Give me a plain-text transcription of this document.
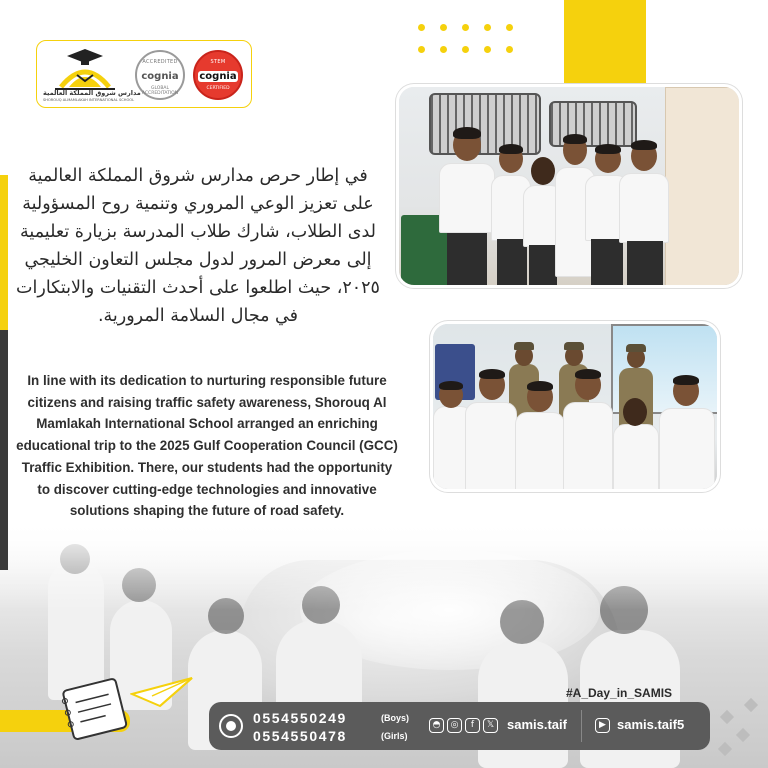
مدارس شروق المملكة العالمية
SHOROUQ ALMAMLAKAH INTERNATIONAL SCHOOL
ACCREDITED
cognia
GLOBAL ACCREDITATION
STEM
cognia
CERTIFIED
في إطار حرص مدارس شروق المملكة العالمية على تعزيز الوعي المروري وتنمية روح المسؤولية لدى الطلاب، شارك طلاب المدرسة بزيارة تعليمية إلى معرض المرور لدول مجلس التعاون الخليجي ٢٠٢٥، حيث اطلعوا على أحدث التقنيات والابتكارات في مجال السلامة المرورية.
In line with its dedication to nurturing responsible future citizens and raising traffic safety awareness, Shorouq Al Mamlakah International School arranged an enriching educational trip to the 2025 Gulf Cooperation Council (GCC) Traffic Exhibition. There, our students had the opportunity to discover cutting-edge technologies and innovative solutions shaping the future of road safety.
#A_Day_in_SAMIS
0554550249	(Boys)
0554550478	(Girls)
◓	◎	f	𝕏 samis.taif	▶ samis.taif5
